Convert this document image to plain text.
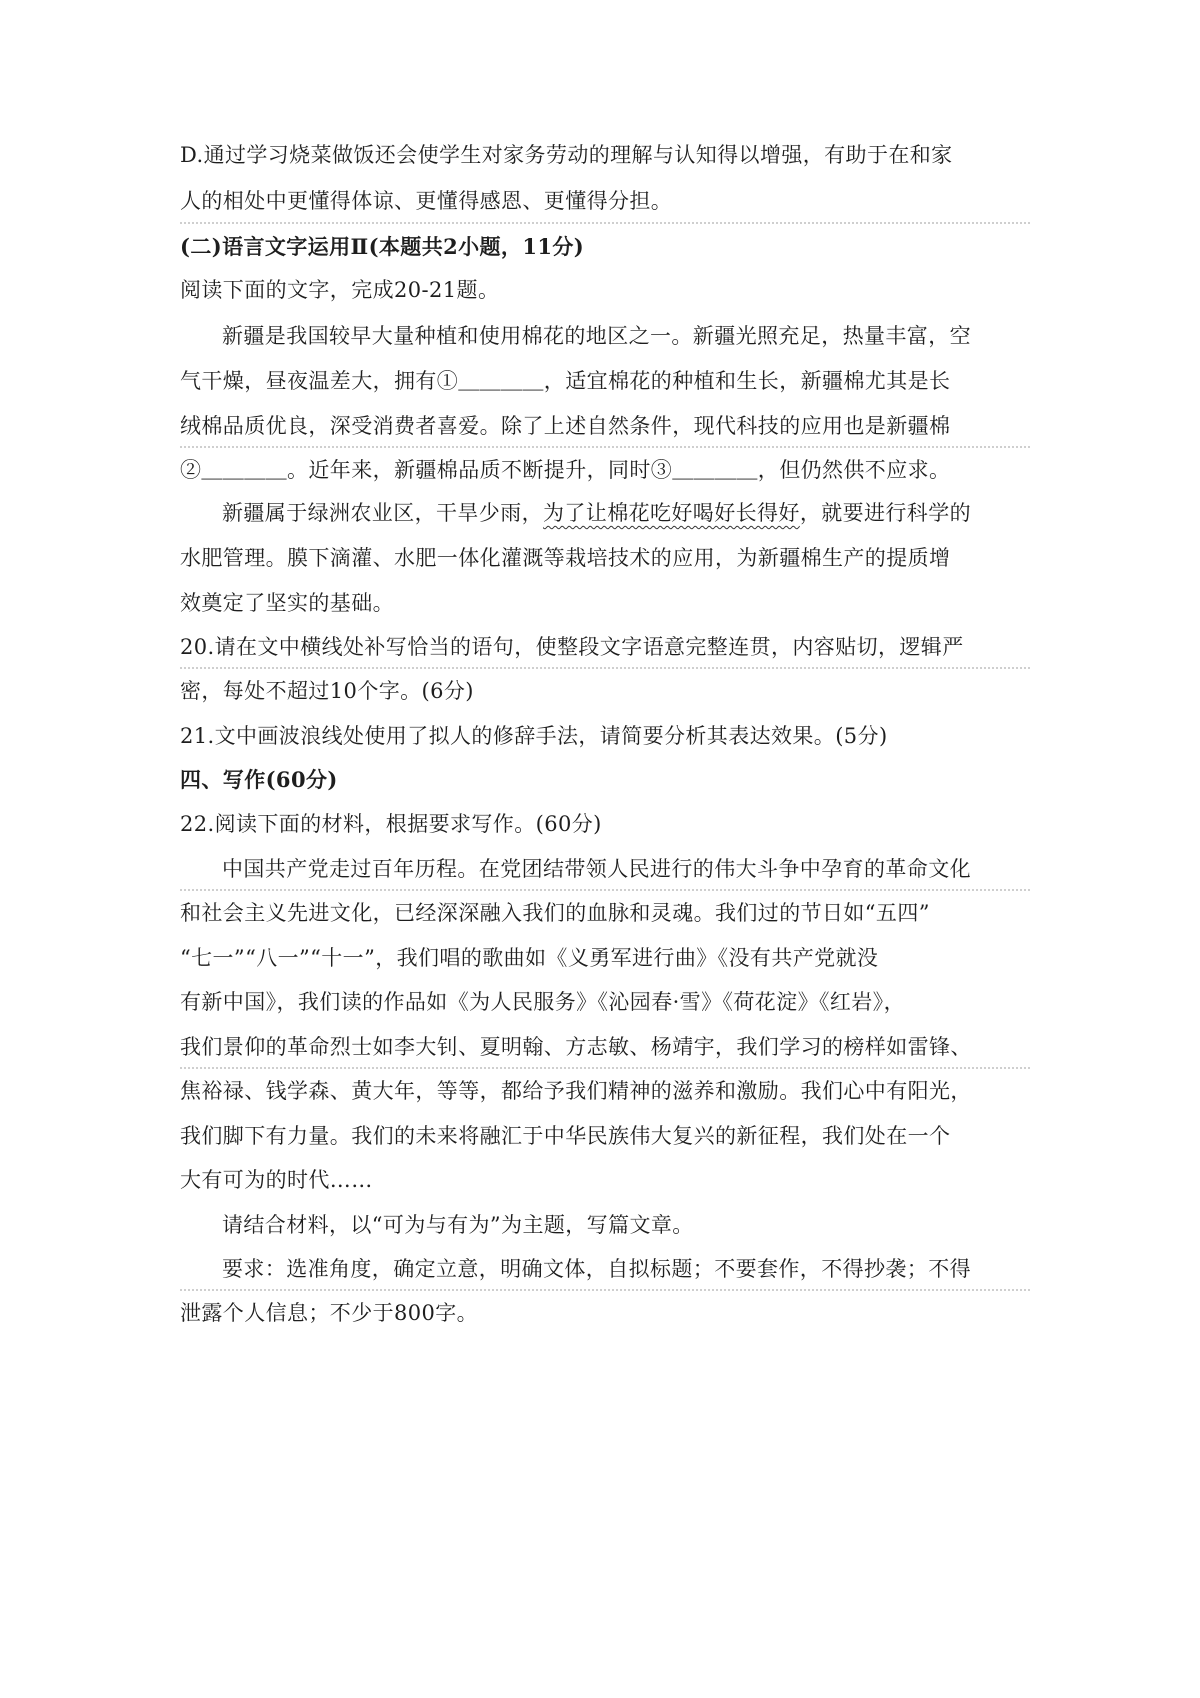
D.通过学习烧菜做饭还会使学生对家务劳动的理解与认知得以增强，有助于在和家
人的相处中更懂得体谅、更懂得感恩、更懂得分担。
(二)语言文字运用Ⅱ(本题共2小题，11分)
阅读下面的文字，完成20-21题。
新疆是我国较早大量种植和使用棉花的地区之一。新疆光照充足，热量丰富，空
气干燥，昼夜温差大，拥有①＿＿＿＿，适宜棉花的种植和生长，新疆棉尤其是长
绒棉品质优良，深受消费者喜爱。除了上述自然条件，现代科技的应用也是新疆棉
②＿＿＿＿。近年来，新疆棉品质不断提升，同时③＿＿＿＿，但仍然供不应求。
新疆属于绿洲农业区，干旱少雨，为了让棉花吃好喝好长得好，就要进行科学的
水肥管理。膜下滴灌、水肥一体化灌溉等栽培技术的应用，为新疆棉生产的提质增
效奠定了坚实的基础。
20.请在文中横线处补写恰当的语句，使整段文字语意完整连贯，内容贴切，逻辑严
密，每处不超过10个字。(6分)
21.文中画波浪线处使用了拟人的修辞手法，请简要分析其表达效果。(5分)
四、写作(60分)
22.阅读下面的材料，根据要求写作。(60分)
中国共产党走过百年历程。在党团结带领人民进行的伟大斗争中孕育的革命文化
和社会主义先进文化，已经深深融入我们的血脉和灵魂。我们过的节日如“五四”
“七一”“八一”“十一”，我们唱的歌曲如《义勇军进行曲》《没有共产党就没
有新中国》，我们读的作品如《为人民服务》《沁园春·雪》《荷花淀》《红岩》，
我们景仰的革命烈士如李大钊、夏明翰、方志敏、杨靖宇，我们学习的榜样如雷锋、
焦裕禄、钱学森、黄大年，等等，都给予我们精神的滋养和激励。我们心中有阳光，
我们脚下有力量。我们的未来将融汇于中华民族伟大复兴的新征程，我们处在一个
大有可为的时代……
请结合材料，以“可为与有为”为主题，写篇文章。
要求：选准角度，确定立意，明确文体，自拟标题；不要套作，不得抄袭；不得
泄露个人信息；不少于800字。
